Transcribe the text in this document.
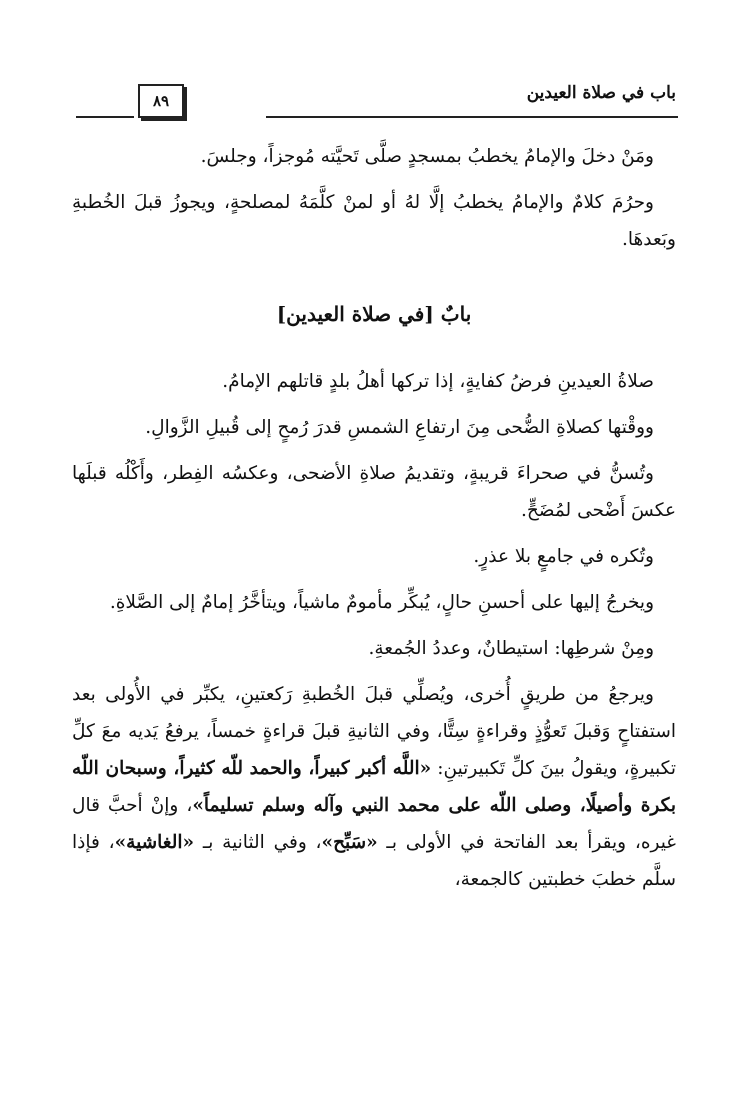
٨٩	باب في صلاة العيدين

ومَنْ دخلَ والإمامُ يخطبُ بمسجدٍ صلَّى تَحيَّته مُوجزاً، وجلسَ.

وحرُمَ كلامٌ والإمامُ يخطبُ إلَّا لهُ أو لمنْ كلَّمَهُ لمصلحةٍ، ويجوزُ قبلَ الخُطبةِ وبَعدهَا.

بابٌ [في صلاة العيدين]

صلاةُ العيدينِ فرضُ كفايةٍ، إذا تركها أهلُ بلدٍ قاتلهم الإمامُ.

ووقْتها كصلاةِ الضُّحى مِنَ ارتفاعِ الشمسِ قدرَ رُمحٍ إلى قُبيلِ الزَّوالِ.

وتُسنُّ في صحراءَ قريبةٍ، وتقديمُ صلاةِ الأضحى، وعكسُه الفِطر، وأَكْلُه قبلَها عكسَ أَضْحى لمُضَحٍّ.

وتُكره في جامعٍ بلا عذرٍ.

ويخرجُ إليها على أحسنِ حالٍ، يُبكِّر مأمومٌ ماشياً، ويتأخَّرُ إمامٌ إلى الصَّلاةِ.

ومِنْ شرطِها: استيطانٌ، وعددُ الجُمعةِ.

ويرجعُ من طريقٍ أُخرى، ويُصلِّي قبلَ الخُطبةِ رَكعتينِ، يكبِّر في الأُولى بعد استفتاحٍ وَقبلَ تَعوُّذٍ وقراءةٍ سِتًّا، وفي الثانيةِ قبلَ قراءةٍ خمساً، يرفعُ يَديه معَ كلِّ تكبيرةٍ، ويقولُ بينَ كلِّ تَكبيرتينِ: «اللَّه أكبر كبيراً، والحمد للّه كثيراً، وسبحان اللّه بكرة وأصيلًا، وصلى اللّه على محمد النبي وآله وسلم تسليماً»، وإنْ أحبَّ قال غيره، ويقرأ بعد الفاتحة في الأولى بـ «سَبِّح»، وفي الثانية بـ «الغاشية»، فإذا سلَّم خطبَ خطبتين كالجمعة،
